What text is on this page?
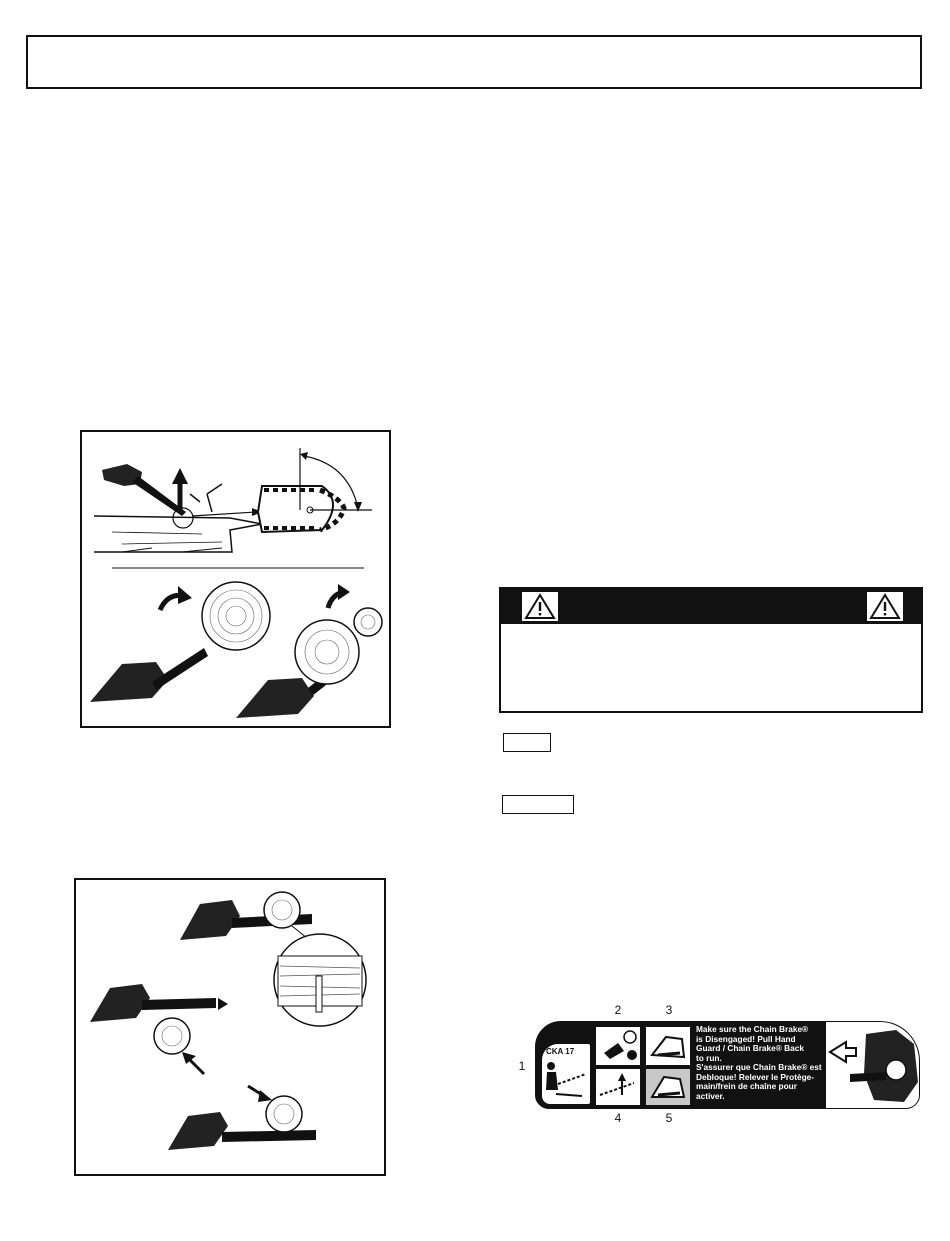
1
2	3
4	5
CKA 17
Make sure the Chain Brake® is Disengaged! Pull Hand Guard / Chain Brake® Back to run.
S'assurer que Chain Brake® est Debloque! Relever le Protège-main/frein de chaîne pour activer.
